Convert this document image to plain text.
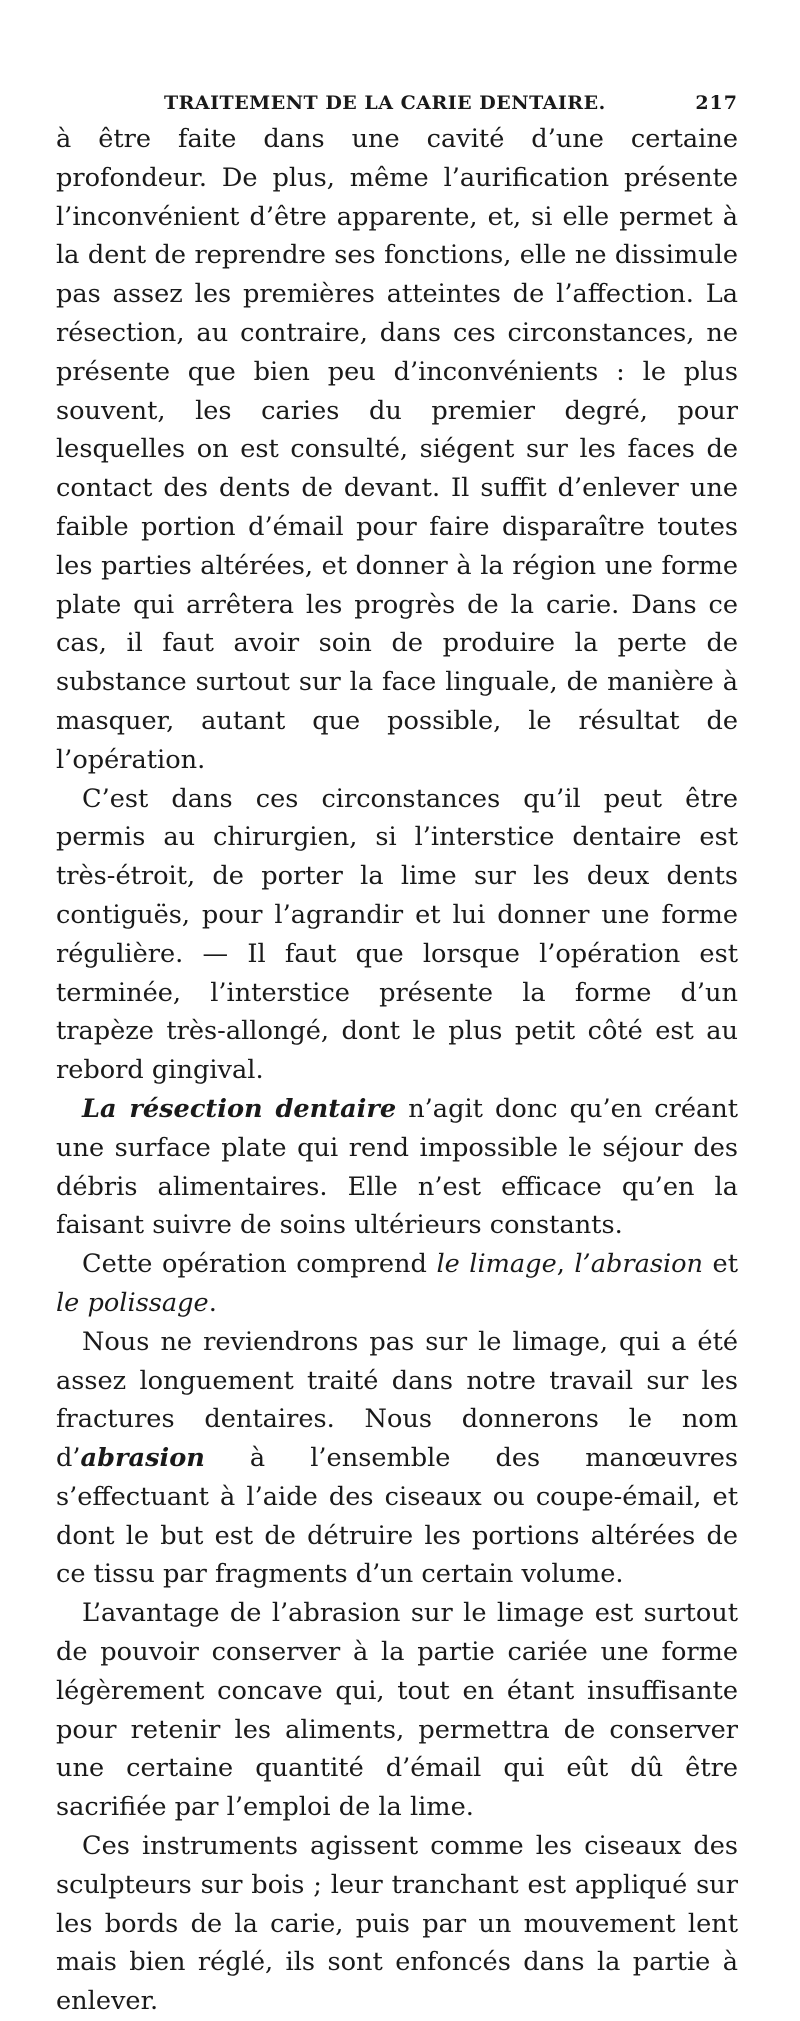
TRAITEMENT DE LA CARIE DENTAIRE.	217

à être faite dans une cavité d’une certaine profondeur. De plus, même l’aurification présente l’inconvénient d’être apparente, et, si elle permet à la dent de reprendre ses fonctions, elle ne dissimule pas assez les premières atteintes de l’affection. La résection, au contraire, dans ces circonstances, ne présente que bien peu d’inconvénients : le plus souvent, les caries du premier degré, pour lesquelles on est consulté, siégent sur les faces de contact des dents de devant. Il suffit d’enlever une faible portion d’émail pour faire disparaître toutes les parties altérées, et donner à la région une forme plate qui arrêtera les progrès de la carie. Dans ce cas, il faut avoir soin de produire la perte de substance surtout sur la face linguale, de manière à masquer, autant que possible, le résultat de l’opération.

C’est dans ces circonstances qu’il peut être permis au chirurgien, si l’interstice dentaire est très-étroit, de porter la lime sur les deux dents contiguës, pour l’agrandir et lui donner une forme régulière. — Il faut que lorsque l’opération est terminée, l’interstice présente la forme d’un trapèze très-allongé, dont le plus petit côté est au rebord gingival.

La résection dentaire n’agit donc qu’en créant une surface plate qui rend impossible le séjour des débris alimentaires. Elle n’est efficace qu’en la faisant suivre de soins ultérieurs constants.

Cette opération comprend le limage, l’abrasion et le polissage.

Nous ne reviendrons pas sur le limage, qui a été assez longuement traité dans notre travail sur les fractures dentaires. Nous donnerons le nom d’abrasion à l’ensemble des manœuvres s’effectuant à l’aide des ciseaux ou coupe-émail, et dont le but est de détruire les portions altérées de ce tissu par fragments d’un certain volume.

L’avantage de l’abrasion sur le limage est surtout de pouvoir conserver à la partie cariée une forme légèrement concave qui, tout en étant insuffisante pour retenir les aliments, permettra de conserver une certaine quantité d’émail qui eût dû être sacrifiée par l’emploi de la lime.

Ces instruments agissent comme les ciseaux des sculpteurs sur bois ; leur tranchant est appliqué sur les bords de la carie, puis par un mouvement lent mais bien réglé, ils sont enfoncés dans la partie à enlever.
